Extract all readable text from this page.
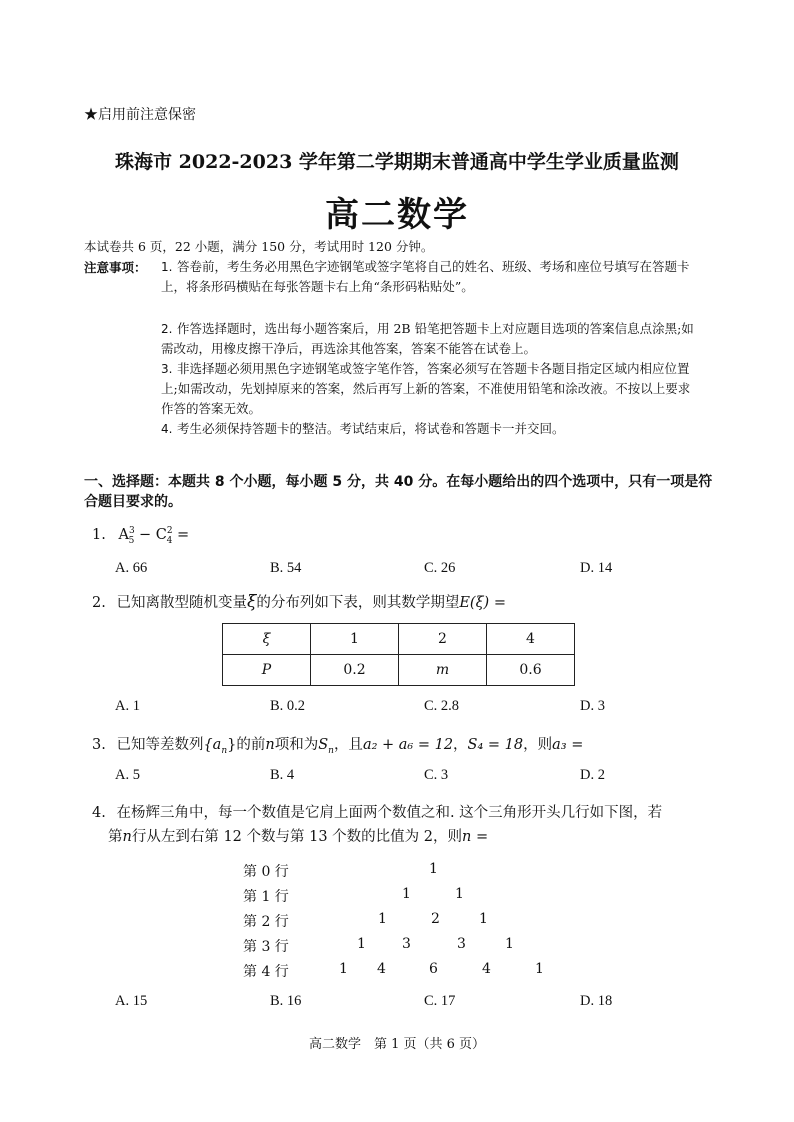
★启用前注意保密
珠海市 2022-2023 学年第二学期期末普通高中学生学业质量监测
高二数学
本试卷共 6 页，22 小题，满分 150 分，考试用时 120 分钟。
注意事项： 1. 答卷前，考生务必用黑色字迹钢笔或签字笔将自己的姓名、班级、考场和座位号填写在答题卡上，将条形码横贴在每张答题卡右上角“条形码粘贴处”。
2. 作答选择题时，选出每小题答案后，用 2B 铅笔把答题卡上对应题目选项的答案信息点涂黑;如需改动，用橡皮擦干净后，再选涂其他答案，答案不能答在试卷上。
3. 非选择题必须用黑色字迹钢笔或签字笔作答，答案必须写在答题卡各题目指定区域内相应位置上;如需改动，先划掉原来的答案，然后再写上新的答案，不准使用铅笔和涂改液。不按以上要求作答的答案无效。
4. 考生必须保持答题卡的整洁。考试结束后，将试卷和答题卡一并交回。
一、选择题：本题共 8 个小题，每小题 5 分，共 40 分。在每小题给出的四个选项中，只有一项是符合题目要求的。
1. $A^3_5 - C^2_4$ =
A. 66	B. 54	C. 26	D. 14
2. 已知离散型随机变量ξ的分布列如下表，则其数学期望E(ξ) =
ξ	1	2	4
P	0.2	m	0.6
A. 1	B. 0.2	C. 2.8	D. 3
3. 已知等差数列$\{a_n\}$的前n项和为$S_n$，且a₂ + a₆ = 12，S₄ = 18，则a₃ =
A. 5	B. 4	C. 3	D. 2
4. 在杨辉三角中，每一个数值是它肩上面两个数值之和. 这个三角形开头几行如下图，若
第n行从左到右第 12 个数与第 13 个数的比值为 2，则n =
第 0 行	1
第 1 行	1	1
第 2 行	1	2	1
第 3 行	1	3	3	1
第 4 行	1 4	6	4	1
A. 15	B. 16	C. 17	D. 18
高二数学　第 1 页（共 6 页）
